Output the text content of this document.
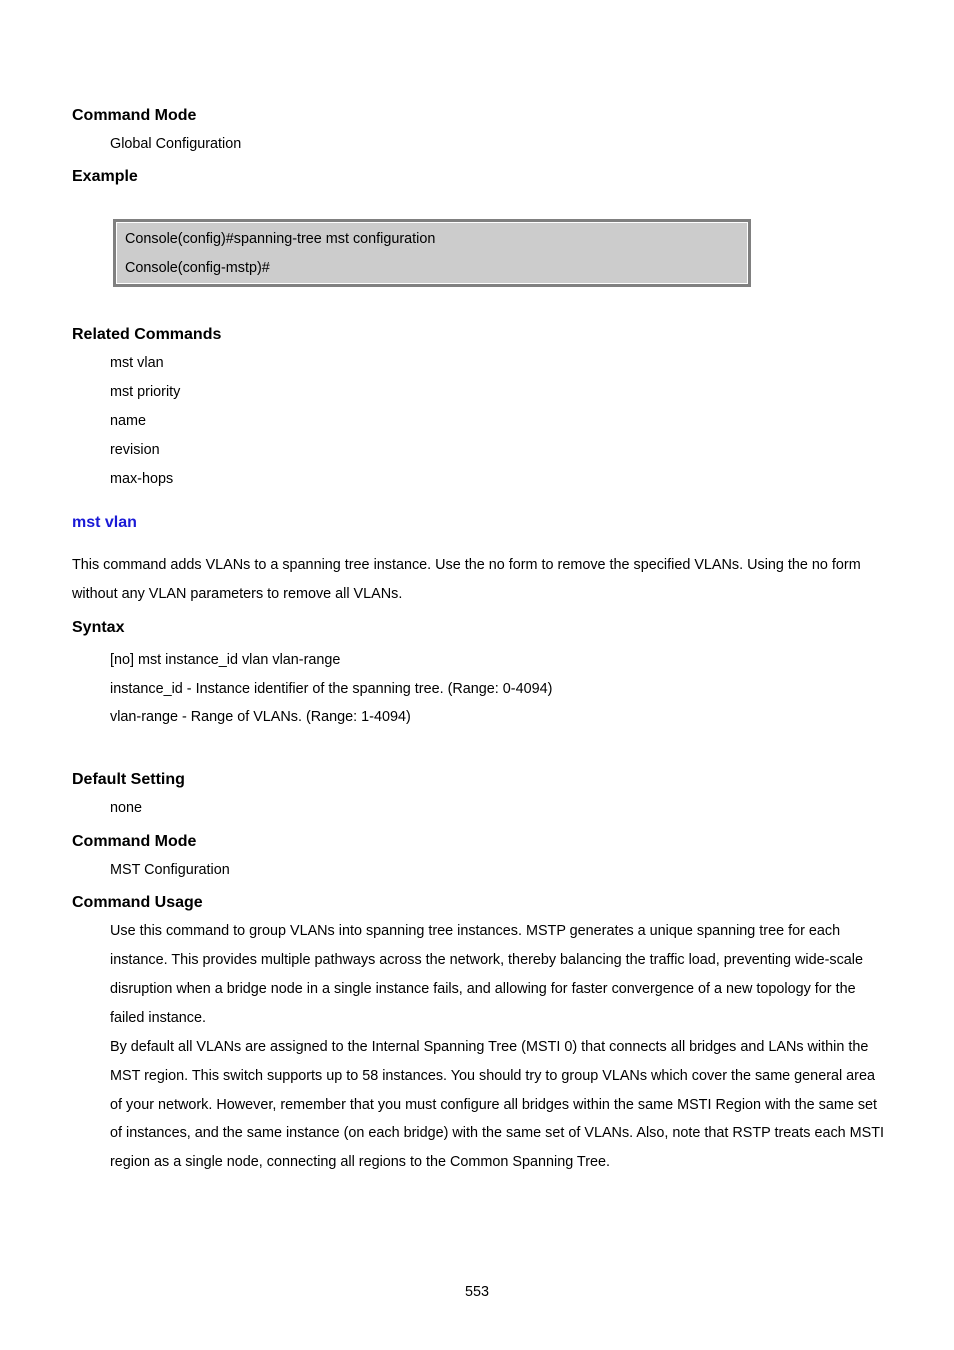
Command Mode
Global Configuration
Example
Console(config)#spanning-tree mst configuration
Console(config-mstp)#
Related Commands
mst vlan
mst priority
name
revision
max-hops
mst vlan
This command adds VLANs to a spanning tree instance. Use the no form to remove the specified VLANs. Using the no form
without any VLAN parameters to remove all VLANs.
Syntax
[no] mst instance_id vlan vlan-range
instance_id - Instance identifier of the spanning tree. (Range: 0-4094)
vlan-range - Range of VLANs. (Range: 1-4094)
Default Setting
none
Command Mode
MST Configuration
Command Usage
Use this command to group VLANs into spanning tree instances. MSTP generates a unique spanning tree for each
instance. This provides multiple pathways across the network, thereby balancing the traffic load, preventing wide-scale
disruption when a bridge node in a single instance fails, and allowing for faster convergence of a new topology for the
failed instance.
By default all VLANs are assigned to the Internal Spanning Tree (MSTI 0) that connects all bridges and LANs within the
MST region. This switch supports up to 58 instances. You should try to group VLANs which cover the same general area
of your network. However, remember that you must configure all bridges within the same MSTI Region with the same set
of instances, and the same instance (on each bridge) with the same set of VLANs. Also, note that RSTP treats each MSTI
region as a single node, connecting all regions to the Common Spanning Tree.
553
